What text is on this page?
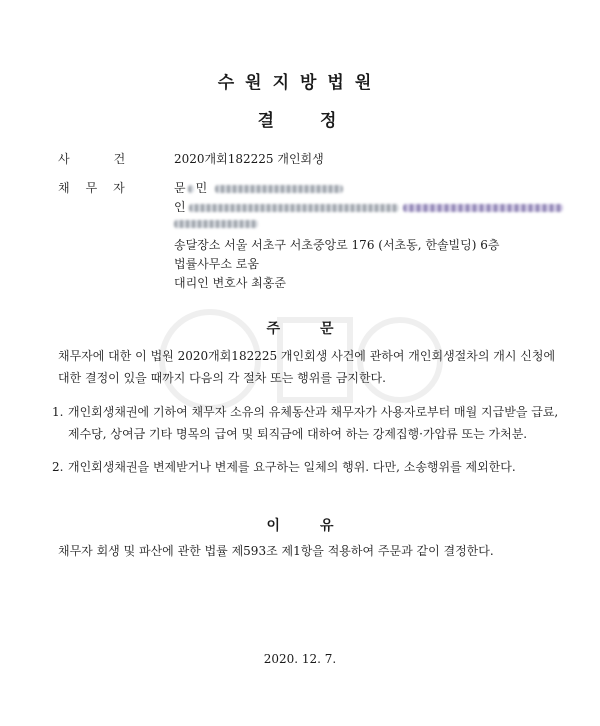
수원지방법원
결정
사건 2020개회182225 개인회생
채무자	문 민
인
송달장소 서울 서초구 서초중앙로 176 (서초동, 한솔빌딩) 6층
법률사무소 로움
대리인 변호사 최홍준
주문
채무자에 대한 이 법원 2020개회182225 개인회생 사건에 관하여 개인회생절차의 개시 신청에 대한 결정이 있을 때까지 다음의 각 절차 또는 행위를 금지한다.
1. 개인회생채권에 기하여 채무자 소유의 유체동산과 채무자가 사용자로부터 매월 지급받을 급료, 제수당, 상여금 기타 명목의 급여 및 퇴직금에 대하여 하는 강제집행·가압류 또는 가처분.
2. 개인회생채권을 변제받거나 변제를 요구하는 일체의 행위. 다만, 소송행위를 제외한다.
이유
채무자 회생 및 파산에 관한 법률 제593조 제1항을 적용하여 주문과 같이 결정한다.
2020. 12. 7.
